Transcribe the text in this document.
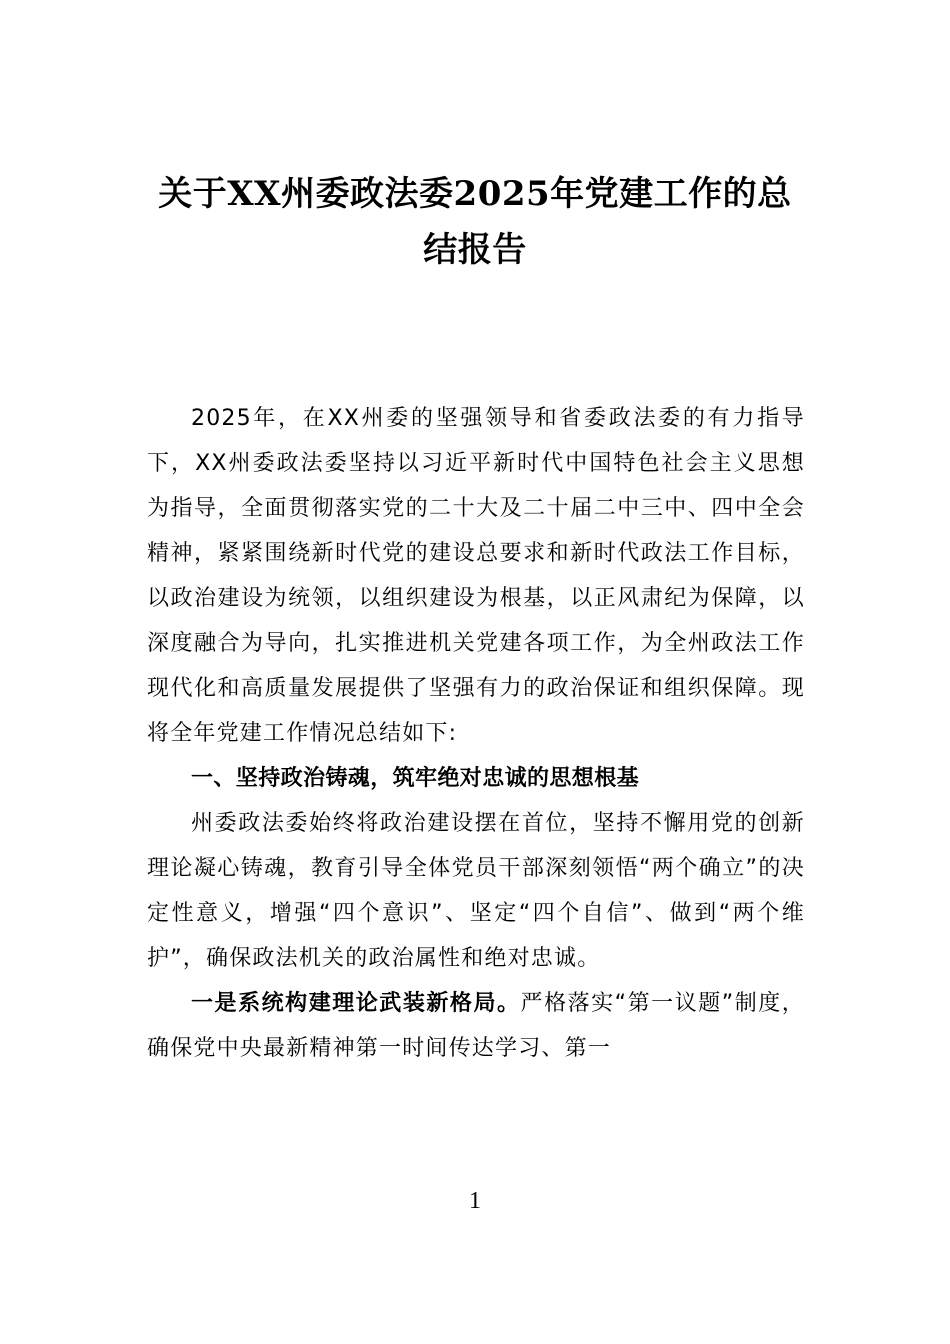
关于XX州委政法委2025年党建工作的总结报告

2025年，在XX州委的坚强领导和省委政法委的有力指导下，XX州委政法委坚持以习近平新时代中国特色社会主义思想为指导，全面贯彻落实党的二十大及二十届二中三中、四中全会精神，紧紧围绕新时代党的建设总要求和新时代政法工作目标，以政治建设为统领，以组织建设为根基，以正风肃纪为保障，以深度融合为导向，扎实推进机关党建各项工作，为全州政法工作现代化和高质量发展提供了坚强有力的政治保证和组织保障。现将全年党建工作情况总结如下:

一、坚持政治铸魂，筑牢绝对忠诚的思想根基

州委政法委始终将政治建设摆在首位，坚持不懈用党的创新理论凝心铸魂，教育引导全体党员干部深刻领悟“两个确立”的决定性意义，增强“四个意识”、坚定“四个自信”、做到“两个维护”，确保政法机关的政治属性和绝对忠诚。

一是系统构建理论武装新格局。严格落实“第一议题”制度，确保党中央最新精神第一时间传达学习、第一

1
